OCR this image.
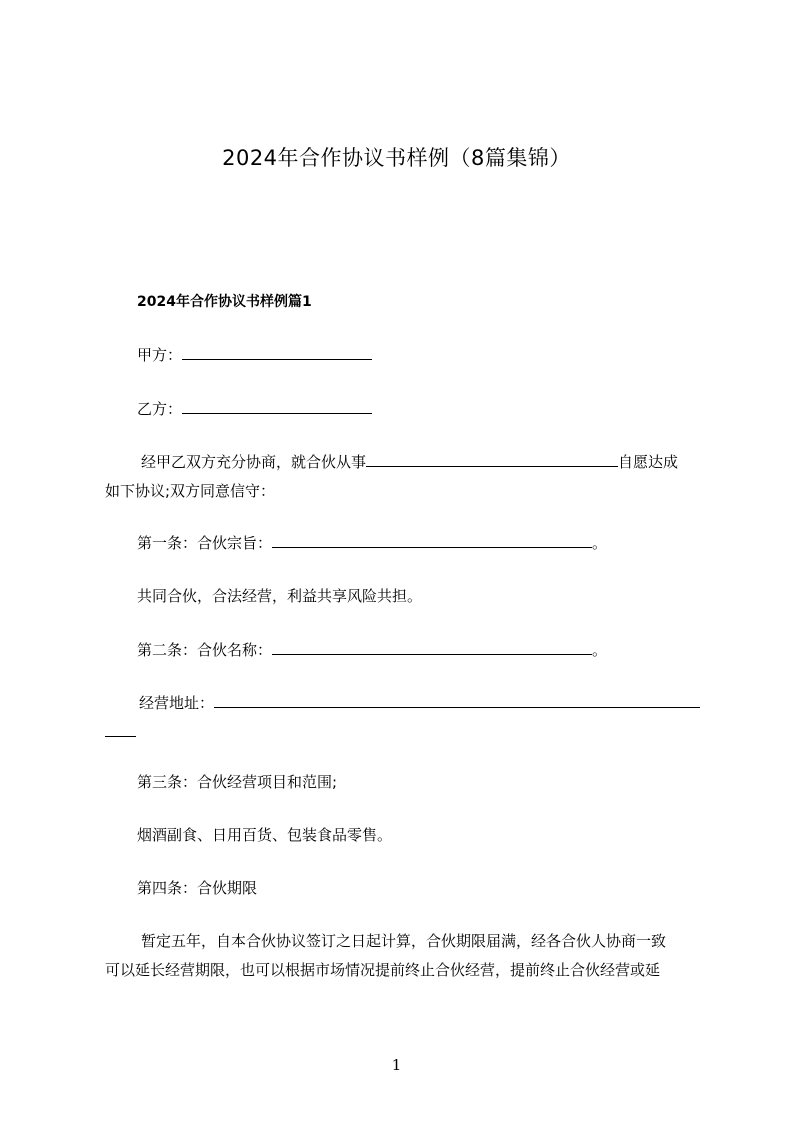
2024年合作协议书样例（8篇集锦）
2024年合作协议书样例篇1
甲方：
乙方：
经甲乙双方充分协商，就合伙从事	自愿达成
如下协议;双方同意信守：
第一条：合伙宗旨：	。
共同合伙，合法经营，利益共享风险共担。
第二条：合伙名称：	。
经营地址：
第三条：合伙经营项目和范围;
烟酒副食、日用百货、包装食品零售。
第四条：合伙期限
暂定五年，自本合伙协议签订之日起计算，合伙期限届满，经各合伙人协商一致
可以延长经营期限，也可以根据市场情况提前终止合伙经营，提前终止合伙经营或延
1
